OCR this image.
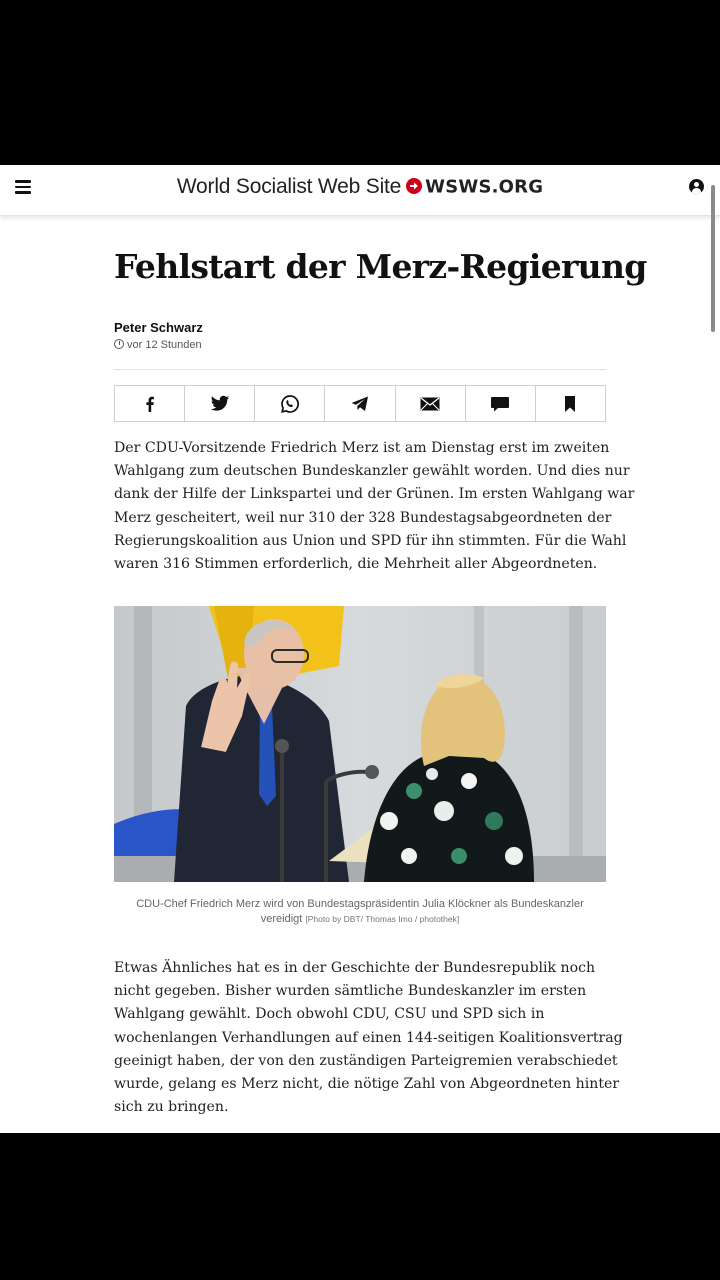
World Socialist Web Site WSWS.ORG
Fehlstart der Merz-Regierung
Peter Schwarz
vor 12 Stunden

Der CDU-Vorsitzende Friedrich Merz ist am Dienstag erst im zweiten
Wahlgang zum deutschen Bundeskanzler gewählt worden. Und dies nur
dank der Hilfe der Linkspartei und der Grünen. Im ersten Wahlgang war
Merz gescheitert, weil nur 310 der 328 Bundestagsabgeordneten der
Regierungskoalition aus Union und SPD für ihn stimmten. Für die Wahl
waren 316 Stimmen erforderlich, die Mehrheit aller Abgeordneten.

CDU-Chef Friedrich Merz wird von Bundestagspräsidentin Julia Klöckner als Bundeskanzler
vereidigt [Photo by DBT/ Thomas Imo / photothek]

Etwas Ähnliches hat es in der Geschichte der Bundesrepublik noch
nicht gegeben. Bisher wurden sämtliche Bundeskanzler im ersten
Wahlgang gewählt. Doch obwohl CDU, CSU und SPD sich in
wochenlangen Verhandlungen auf einen 144-seitigen Koalitionsvertrag
geeinigt haben, der von den zuständigen Parteigremien verabschiedet
wurde, gelang es Merz nicht, die nötige Zahl von Abgeordneten hinter
sich zu bringen.
